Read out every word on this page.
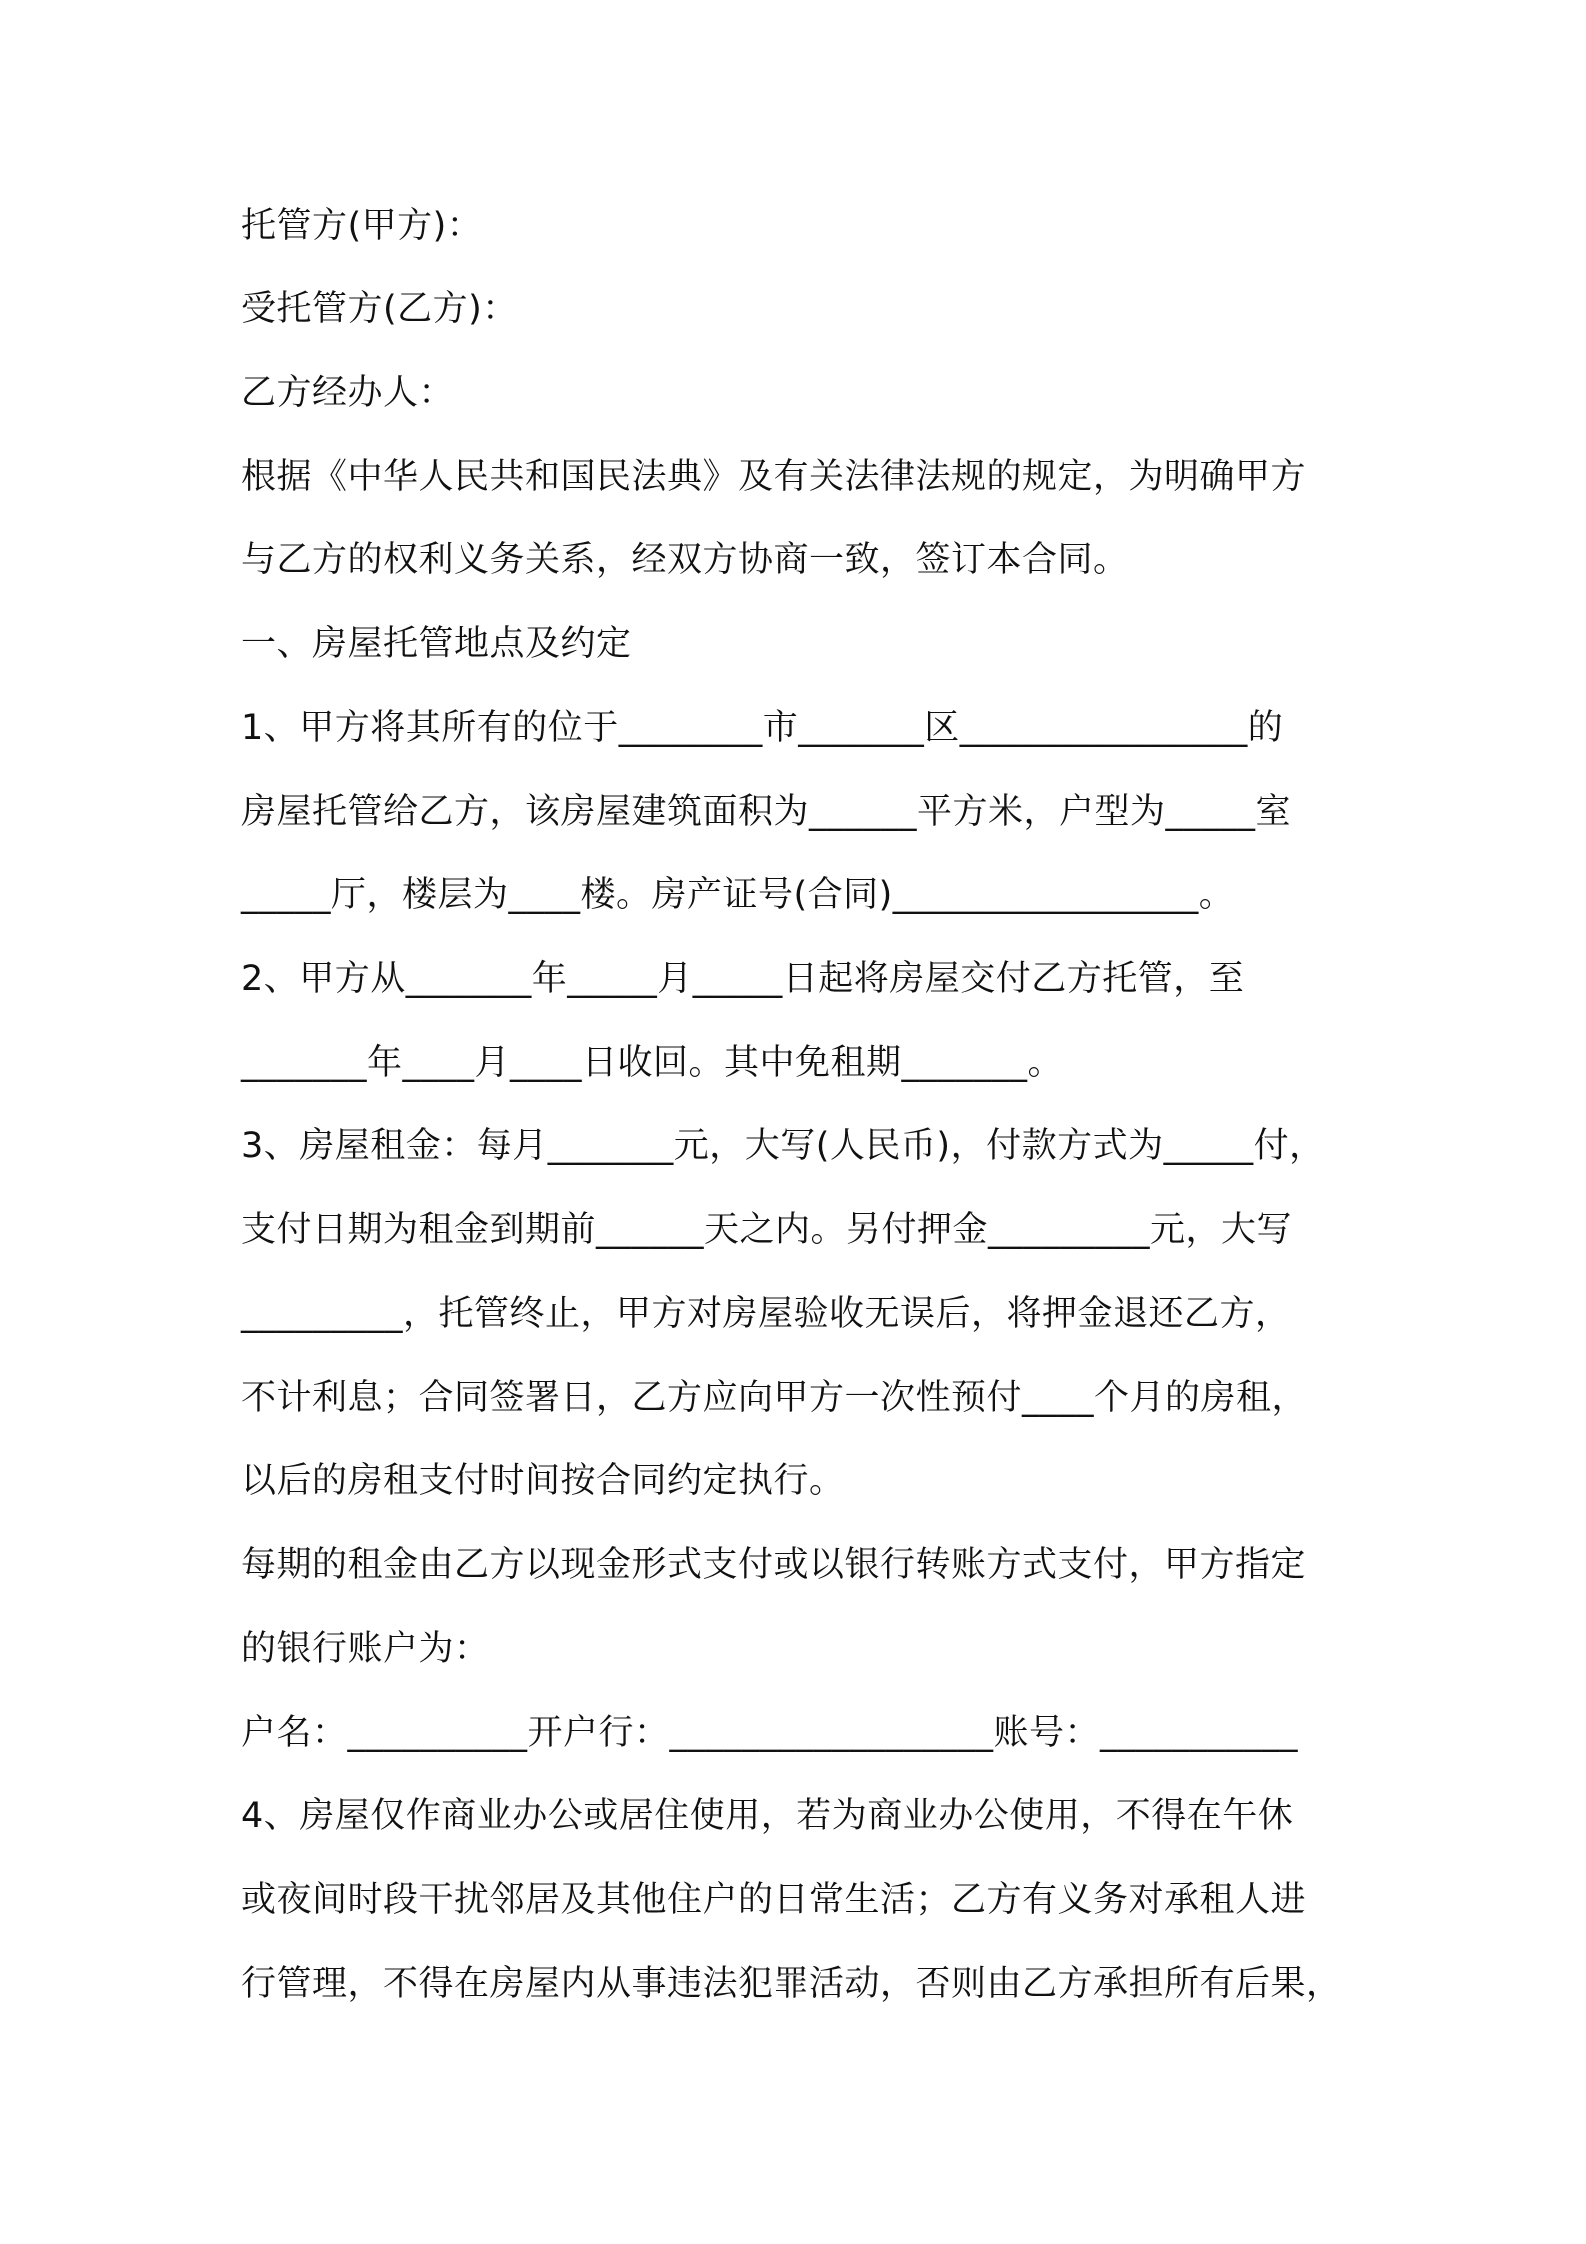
托管方(甲方)：
受托管方(乙方)：
乙方经办人：
根据《中华人民共和国民法典》及有关法律法规的规定，为明确甲方
与乙方的权利义务关系，经双方协商一致，签订本合同。
一、房屋托管地点及约定
1、甲方将其所有的位于________市_______区________________的
房屋托管给乙方，该房屋建筑面积为______平方米，户型为_____室
_____厅，楼层为____楼。房产证号(合同)_________________。
2、甲方从_______年_____月_____日起将房屋交付乙方托管，至
_______年____月____日收回。其中免租期_______。
3、房屋租金：每月_______元，大写(人民币)，付款方式为_____付，
支付日期为租金到期前______天之内。另付押金_________元，大写
_________，托管终止，甲方对房屋验收无误后，将押金退还乙方，
不计利息；合同签署日，乙方应向甲方一次性预付____个月的房租，
以后的房租支付时间按合同约定执行。
每期的租金由乙方以现金形式支付或以银行转账方式支付，甲方指定
的银行账户为：
户名：__________开户行：__________________账号：___________
4、房屋仅作商业办公或居住使用，若为商业办公使用，不得在午休
或夜间时段干扰邻居及其他住户的日常生活；乙方有义务对承租人进
行管理，不得在房屋内从事违法犯罪活动，否则由乙方承担所有后果，
